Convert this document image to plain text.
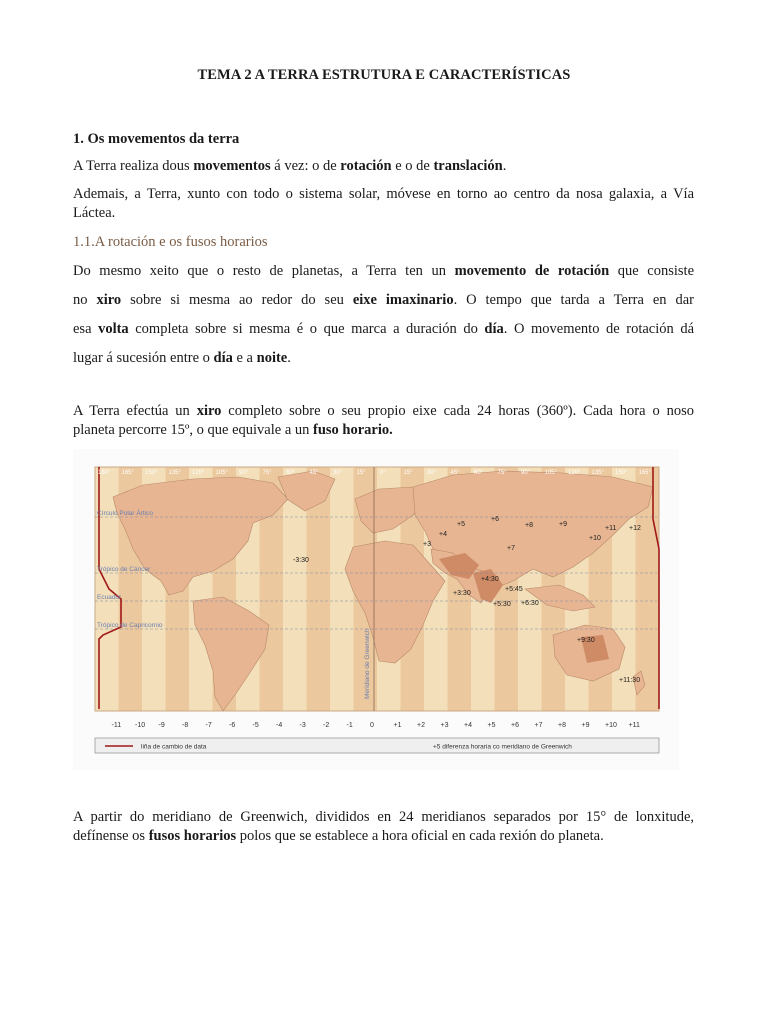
TEMA 2 A TERRA ESTRUTURA E CARACTERÍSTICAS
1. Os movementos da terra
A Terra realiza dous movementos á vez: o de rotación e o de translación.
Ademais, a Terra, xunto con todo o sistema solar, móvese en torno ao centro da nosa galaxia, a Vía
Láctea.
1.1.A rotación e os fusos horarios
Do mesmo xeito que o resto de planetas, a Terra ten un movemento de rotación que consiste
no xiro sobre si mesma ao redor do seu eixe imaxinario. O tempo que tarda a Terra en dar
esa volta completa sobre si mesma é o que marca a duración do día. O movemento de rotación dá
lugar á sucesión entre o día e a noite.
A Terra efectúa un xiro completo sobre o seu propio eixe cada 24 horas (360º). Cada hora o noso
planeta percorre 15º, o que equivale a un fuso horario.
Círculo Polar Ártico
Trópico de Cáncer
Ecuador
Trópico de Capricornio
Meridiano de Greenwich
180° 165° 150° 135° 120° 105° 90° 75° 60° 45° 30° 15° 0°	15° 30° 45° 60° 75° 90° 105° 120° 135° 150° 165°
-11 -10 -9 -8 -7 -6 -5 -4 -3 -2 -1 0	+1 +2 +3 +4 +5 +6 +7 +8 +9 +10 +11
+5
+6
+8	+9
+11 +12
+4
+3
+7
+10
-3:30
+3:30
+4:30
+5:45
+5:30 +6:30
+9:30
+11:30
liña de cambio de data	+5 diferenza horaria co meridiano de Greenwich
A partir do meridiano de Greenwich, divididos en 24 meridianos separados por 15° de lonxitude,
defínense os fusos horarios polos que se establece a hora oficial en cada rexión do planeta.
